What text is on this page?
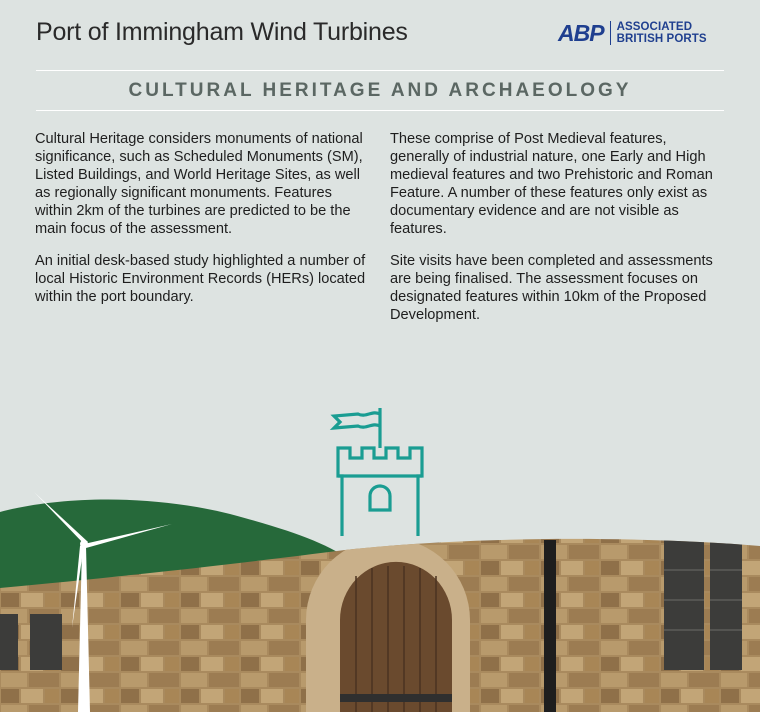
Port of Immingham Wind Turbines	ABP ASSOCIATED
BRITISH PORTS
CULTURAL HERITAGE AND ARCHAEOLOGY

Cultural Heritage considers monuments of national significance, such as Scheduled Monuments (SM), Listed Buildings, and World Heritage Sites, as well as regionally significant monuments. Features within 2km of the turbines are predicted to be the main focus of the assessment.

An initial desk-based study highlighted a number of local Historic Environment Records (HERs) located within the port boundary.

These comprise of Post Medieval features, generally of industrial nature, one Early and High medieval features and two Prehistoric and Roman Feature. A number of these features only exist as documentary evidence and are not visible as features.

Site visits have been completed and assessments are being finalised. The assessment focuses on designated features within 10km of the Proposed Development.
